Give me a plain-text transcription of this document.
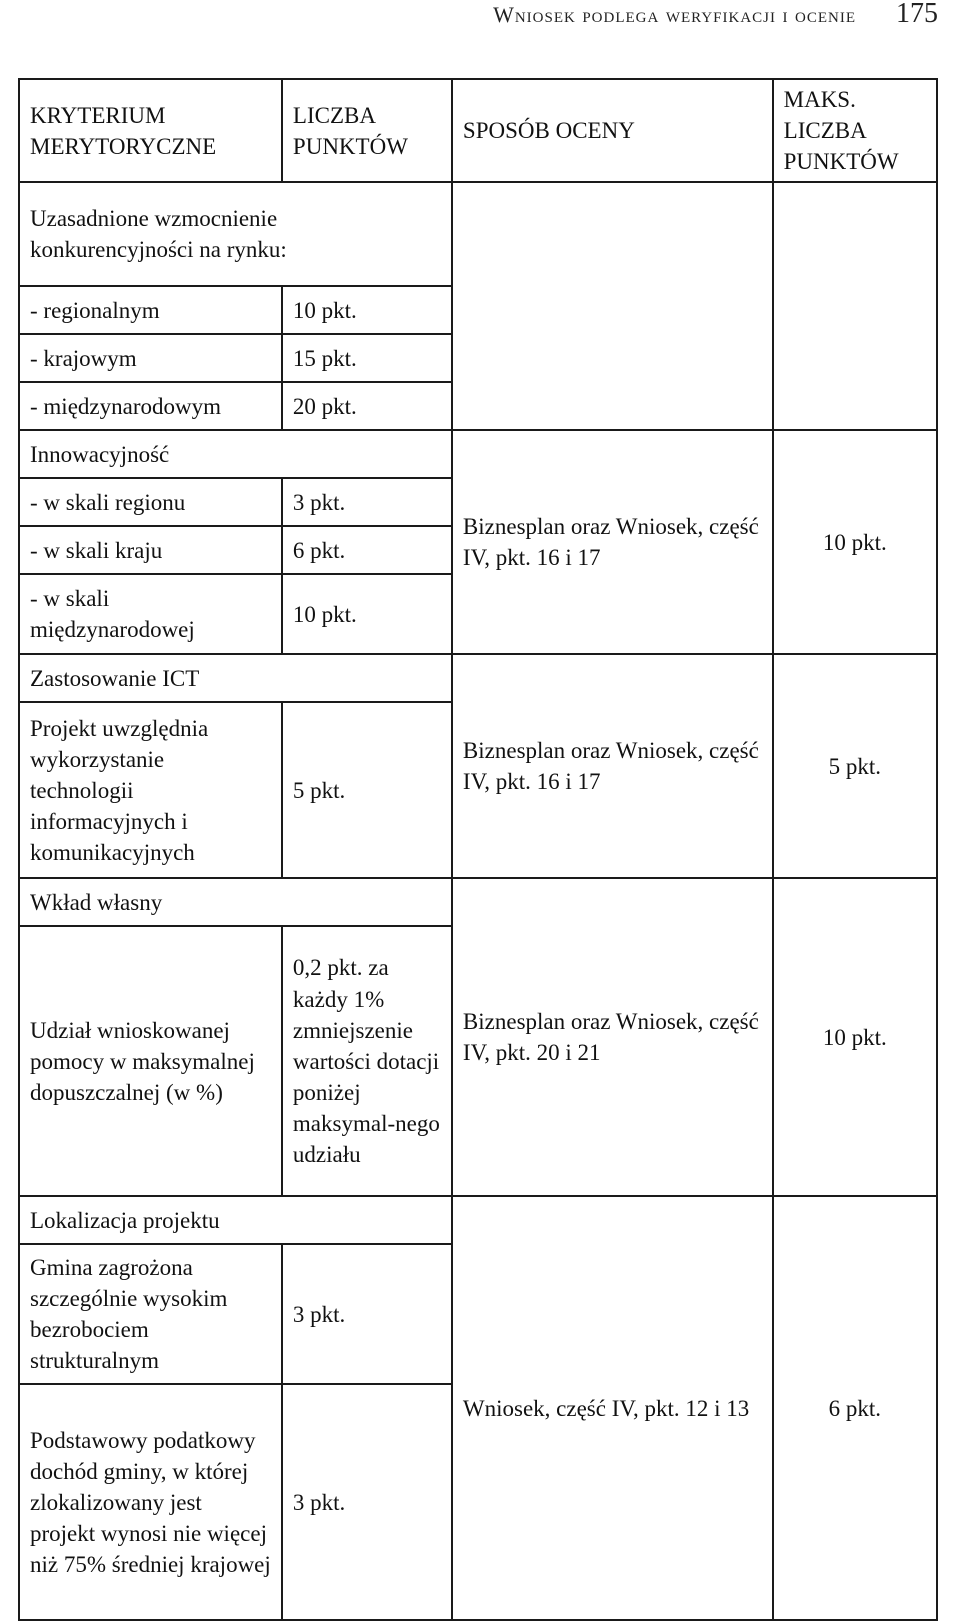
Wniosek podlega weryfikacji i ocenie 175
KRYTERIUM MERYTORYCZNE	LICZBA PUNKTÓW	SPOSÓB OCENY	MAKS. LICZBA PUNKTÓW
Uzasadnione wzmocnienie konkurencyjności na rynku:			
- regionalnym	10 pkt.		
- krajowym	15 pkt.		
- międzynarodowym	20 pkt.		
Innowacyjność		Biznesplan oraz Wniosek, część IV, pkt. 16 i 17	10 pkt.
- w skali regionu	3 pkt.		
- w skali kraju	6 pkt.		
- w skali międzynarodowej	10 pkt.		
Zastosowanie ICT		Biznesplan oraz Wniosek, część IV, pkt. 16 i 17	5 pkt.
Projekt uwzględnia wykorzystanie technologii informacyjnych i komunikacyjnych	5 pkt.		
Wkład własny		Biznesplan oraz Wniosek, część IV, pkt. 20 i 21	10 pkt.
Udział wnioskowanej pomocy w maksymalnej dopuszczalnej (w %)	0,2 pkt. za każdy 1% zmniejszenie wartości dotacji poniżej maksymal-nego udziału		
Lokalizacja projektu		Wniosek, część IV, pkt. 12 i 13	6 pkt.
Gmina zagrożona szczególnie wysokim bezrobociem strukturalnym	3 pkt.		
Podstawowy podatkowy dochód gminy, w której zlokalizowany jest projekt wynosi nie więcej niż 75% średniej krajowej	3 pkt.		
